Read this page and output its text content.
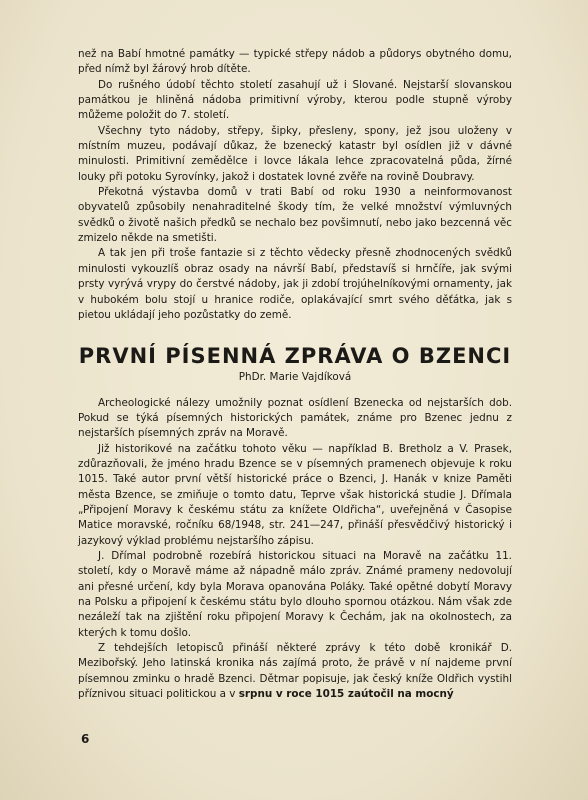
než na Babí hmotné památky — typické střepy nádob a půdorys obytného domu, před nímž byl žárový hrob dítěte.

Do rušného údobí těchto století zasahují už i Slované. Nejstarší slovanskou památkou je hliněná nádoba primitivní výroby, kterou podle stupně výroby můžeme položit do 7. století.

Všechny tyto nádoby, střepy, šipky, přesleny, spony, jež jsou uloženy v místním muzeu, podávají důkaz, že bzenecký katastr byl osídlen již v dávné minulosti. Primitivní zemědělce i lovce lákala lehce zpracovatelná půda, žírné louky při potoku Syrovínky, jakož i dostatek lovné zvěře na rovině Doubravy.

Překotná výstavba domů v trati Babí od roku 1930 a neinformovanost obyvatelů způsobily nenahraditelné škody tím, že velké množství výmluvných svědků o životě našich předků se nechalo bez povšimnutí, nebo jako bezcenná věc zmizelo někde na smetišti.

A tak jen při troše fantazie si z těchto vědecky přesně zhodnocených svědků minulosti vykouzlíš obraz osady na návrší Babí, představíš si hrnčíře, jak svými prsty vyrývá vrypy do čerstvé nádoby, jak ji zdobí trojúhelníkovými ornamenty, jak v hubokém bolu stojí u hranice rodiče, oplakávající smrt svého děťátka, jak s pietou ukládají jeho pozůstatky do země.

PRVNÍ PÍSENNÁ ZPRÁVA O BZENCI
PhDr. Marie Vajdíková

Archeologické nálezy umožnily poznat osídlení Bzenecka od nejstarších dob. Pokud se týká písemných historických památek, známe pro Bzenec jednu z nejstarších písemných zpráv na Moravě.

Již historikové na začátku tohoto věku — například B. Bretholz a V. Prasek, zdůrazňovali, že jméno hradu Bzence se v písemných pramenech objevuje k roku 1015. Také autor první větší historické práce o Bzenci, J. Hanák v knize Paměti města Bzence, se zmiňuje o tomto datu, Teprve však historická studie J. Dřímala „Připojení Moravy k českému státu za knížete Oldřicha“, uveřejněná v Časopise Matice moravské, ročníku 68/1948, str. 241—247, přináší přesvědčivý historický i jazykový výklad problému nejstaršího zápisu.

J. Dřímal podrobně rozebírá historickou situaci na Moravě na začátku 11. století, kdy o Moravě máme až nápadně málo zpráv. Známé prameny nedovolují ani přesné určení, kdy byla Morava opanována Poláky. Také opětné dobytí Moravy na Polsku a připojení k českému státu bylo dlouho spornou otázkou. Nám však zde nezáleží tak na zjištění roku připojení Moravy k Čechám, jak na okolnostech, za kterých k tomu došlo.

Z tehdejších letopisců přináší některé zprávy k této době kronikář D. Mezibořský. Jeho latinská kronika nás zajímá proto, že právě v ní najdeme první písemnou zminku o hradě Bzenci. Dětmar popisuje, jak český kníže Oldřich vystihl příznivou situaci politickou a v srpnu v roce 1015 zaútočil na mocný

6
